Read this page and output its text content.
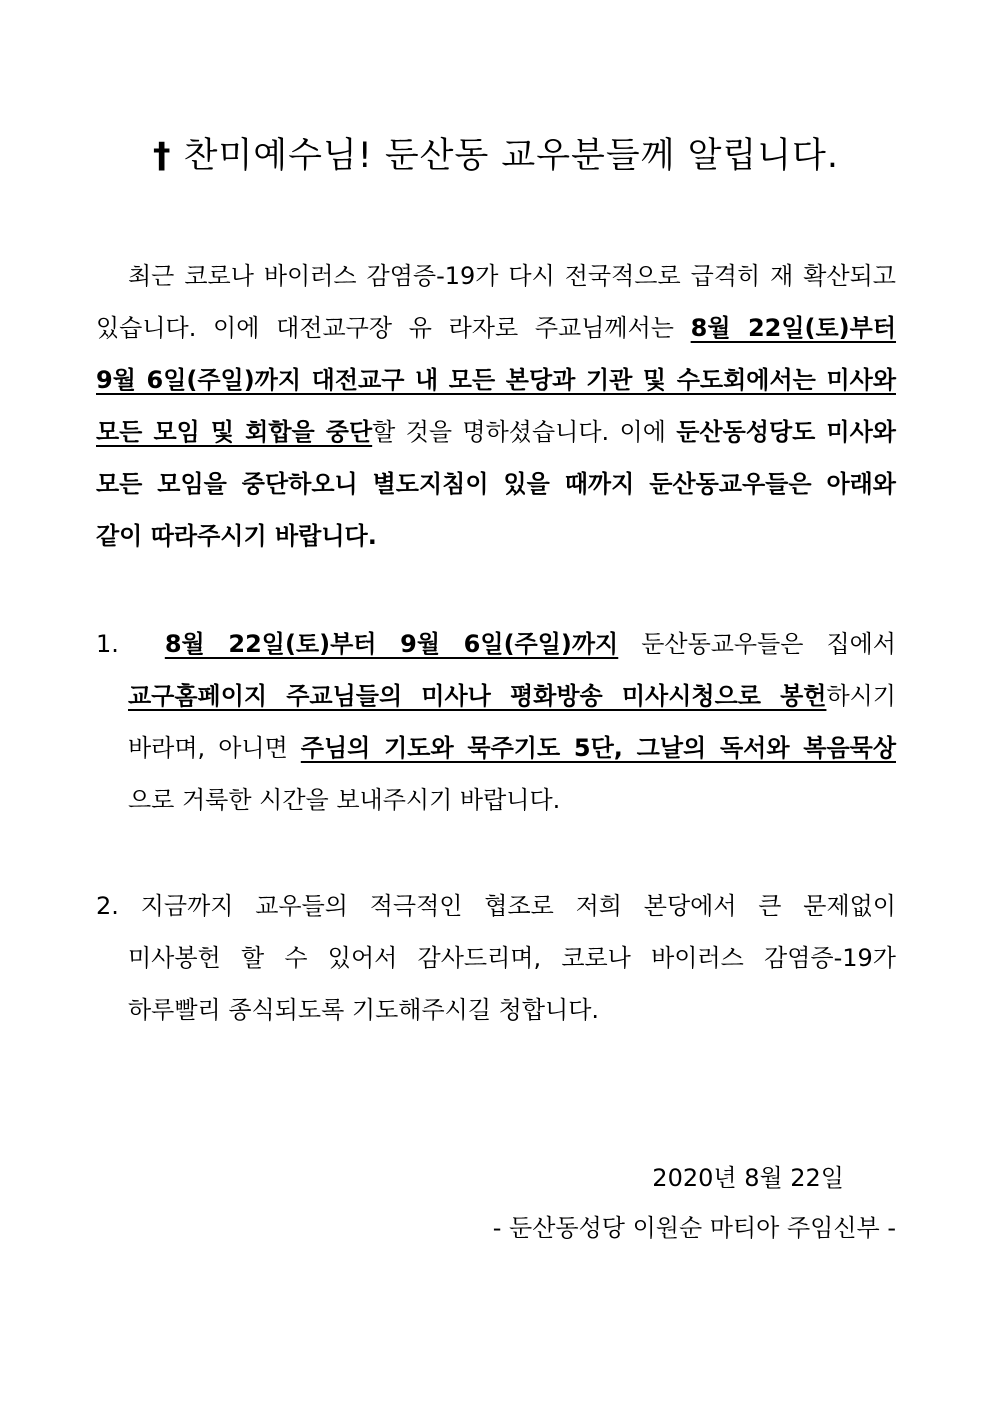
† 찬미예수님! 둔산동 교우분들께 알립니다.
최근 코로나 바이러스 감염증-19가 다시 전국적으로 급격히 재 확산되고
있습니다. 이에 대전교구장 유 라자로 주교님께서는 8월 22일(토)부터
9월 6일(주일)까지 대전교구 내 모든 본당과 기관 및 수도회에서는 미사와
모든 모임 및 회합을 중단할 것을 명하셨습니다. 이에 둔산동성당도 미사와
모든 모임을 중단하오니 별도지침이 있을 때까지 둔산동교우들은 아래와
같이 따라주시기 바랍니다.
1. 8월 22일(토)부터 9월 6일(주일)까지 둔산동교우들은 집에서
교구홈페이지 주교님들의 미사나 평화방송 미사시청으로 봉헌하시기
바라며, 아니면 주님의 기도와 묵주기도 5단, 그날의 독서와 복음묵상
으로 거룩한 시간을 보내주시기 바랍니다.
2. 지금까지 교우들의 적극적인 협조로 저희 본당에서 큰 문제없이
미사봉헌 할 수 있어서 감사드리며, 코로나 바이러스 감염증-19가
하루빨리 종식되도록 기도해주시길 청합니다.
2020년 8월 22일
- 둔산동성당 이원순 마티아 주임신부 -
